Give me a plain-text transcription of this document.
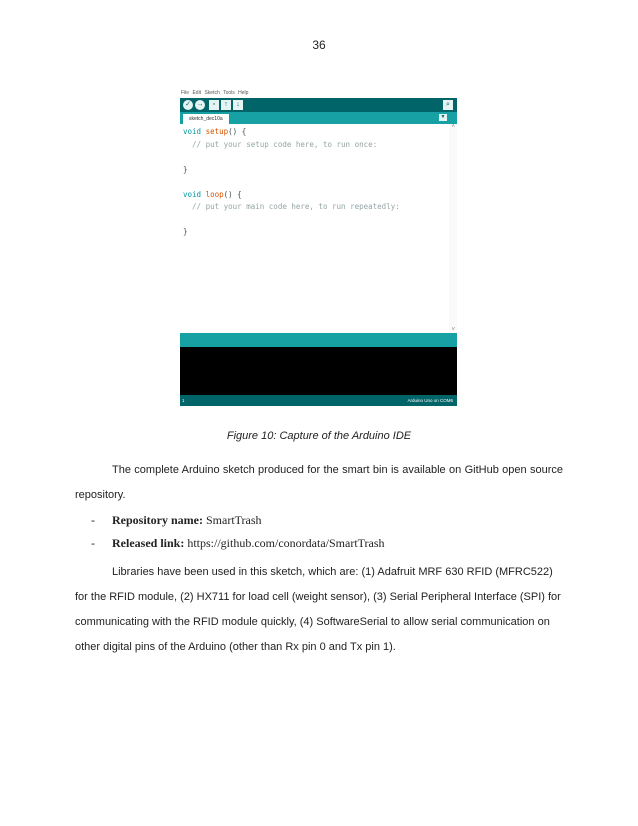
36
File Edit Sketch Tools Help
✓ →	▫	↑	↓	⌕
sketch_dec10a	▼
˄
˅
void setup() {
// put your setup code here, to run once:

}

void loop() {
// put your main code here, to run repeatedly:

}
1	Arduino Uno on COM6
Figure 10: Capture of the Arduino IDE

The complete Arduino sketch produced for the smart bin is available on GitHub open source repository.

- Repository name: SmartTrash
- Released link: https://github.com/conordata/SmartTrash

Libraries have been used in this sketch, which are: (1) Adafruit MRF 630 RFID (MFRC522) for the RFID module, (2) HX711 for load cell (weight sensor), (3) Serial Peripheral Interface (SPI) for communicating with the RFID module quickly, (4) SoftwareSerial to allow serial communication on other digital pins of the Arduino (other than Rx pin 0 and Tx pin 1).
